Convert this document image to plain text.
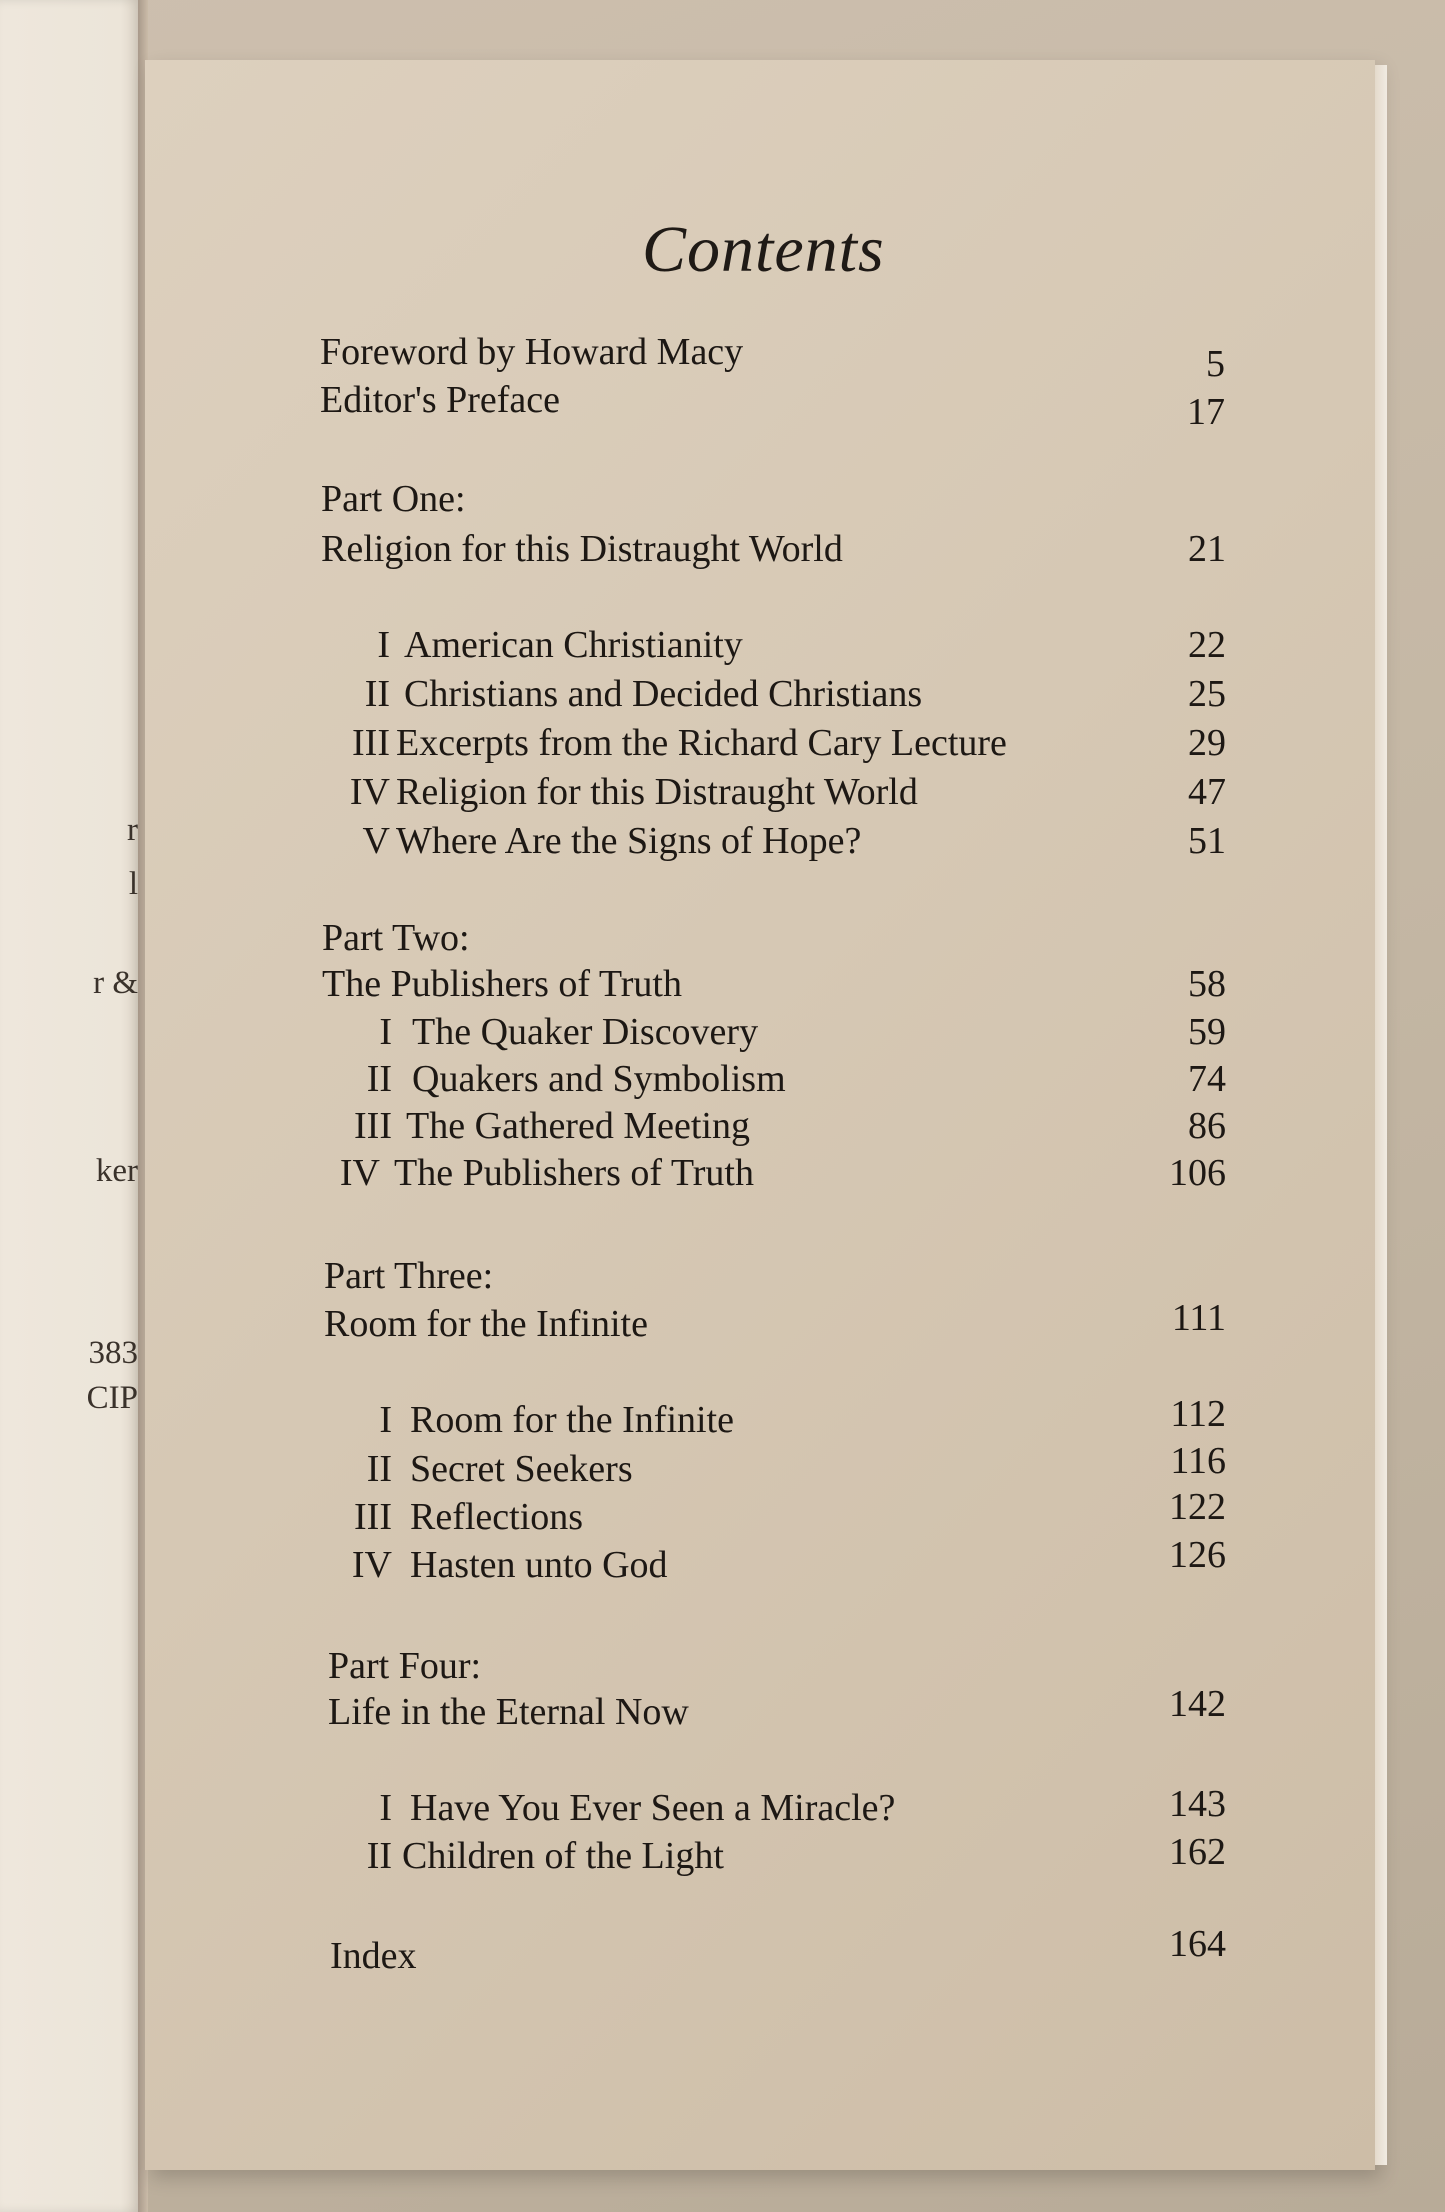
r
l
r &
ker
383
CIP
Contents
Foreword by Howard Macy	5
Editor's Preface	17
Part One:
Religion for this Distraught World	21
I American Christianity	22
II Christians and Decided Christians	25
III Excerpts from the Richard Cary Lecture	29
IV Religion for this Distraught World	47
V Where Are the Signs of Hope?	51
Part Two:
The Publishers of Truth	58
I The Quaker Discovery	59
II Quakers and Symbolism	74
III The Gathered Meeting	86
IV The Publishers of Truth	106
Part Three:
Room for the Infinite	111
I Room for the Infinite	112
II Secret Seekers	116
III Reflections	122
IV Hasten unto God	126
Part Four:
Life in the Eternal Now	142
I Have You Ever Seen a Miracle?	143
II Children of the Light	162
Index	164
